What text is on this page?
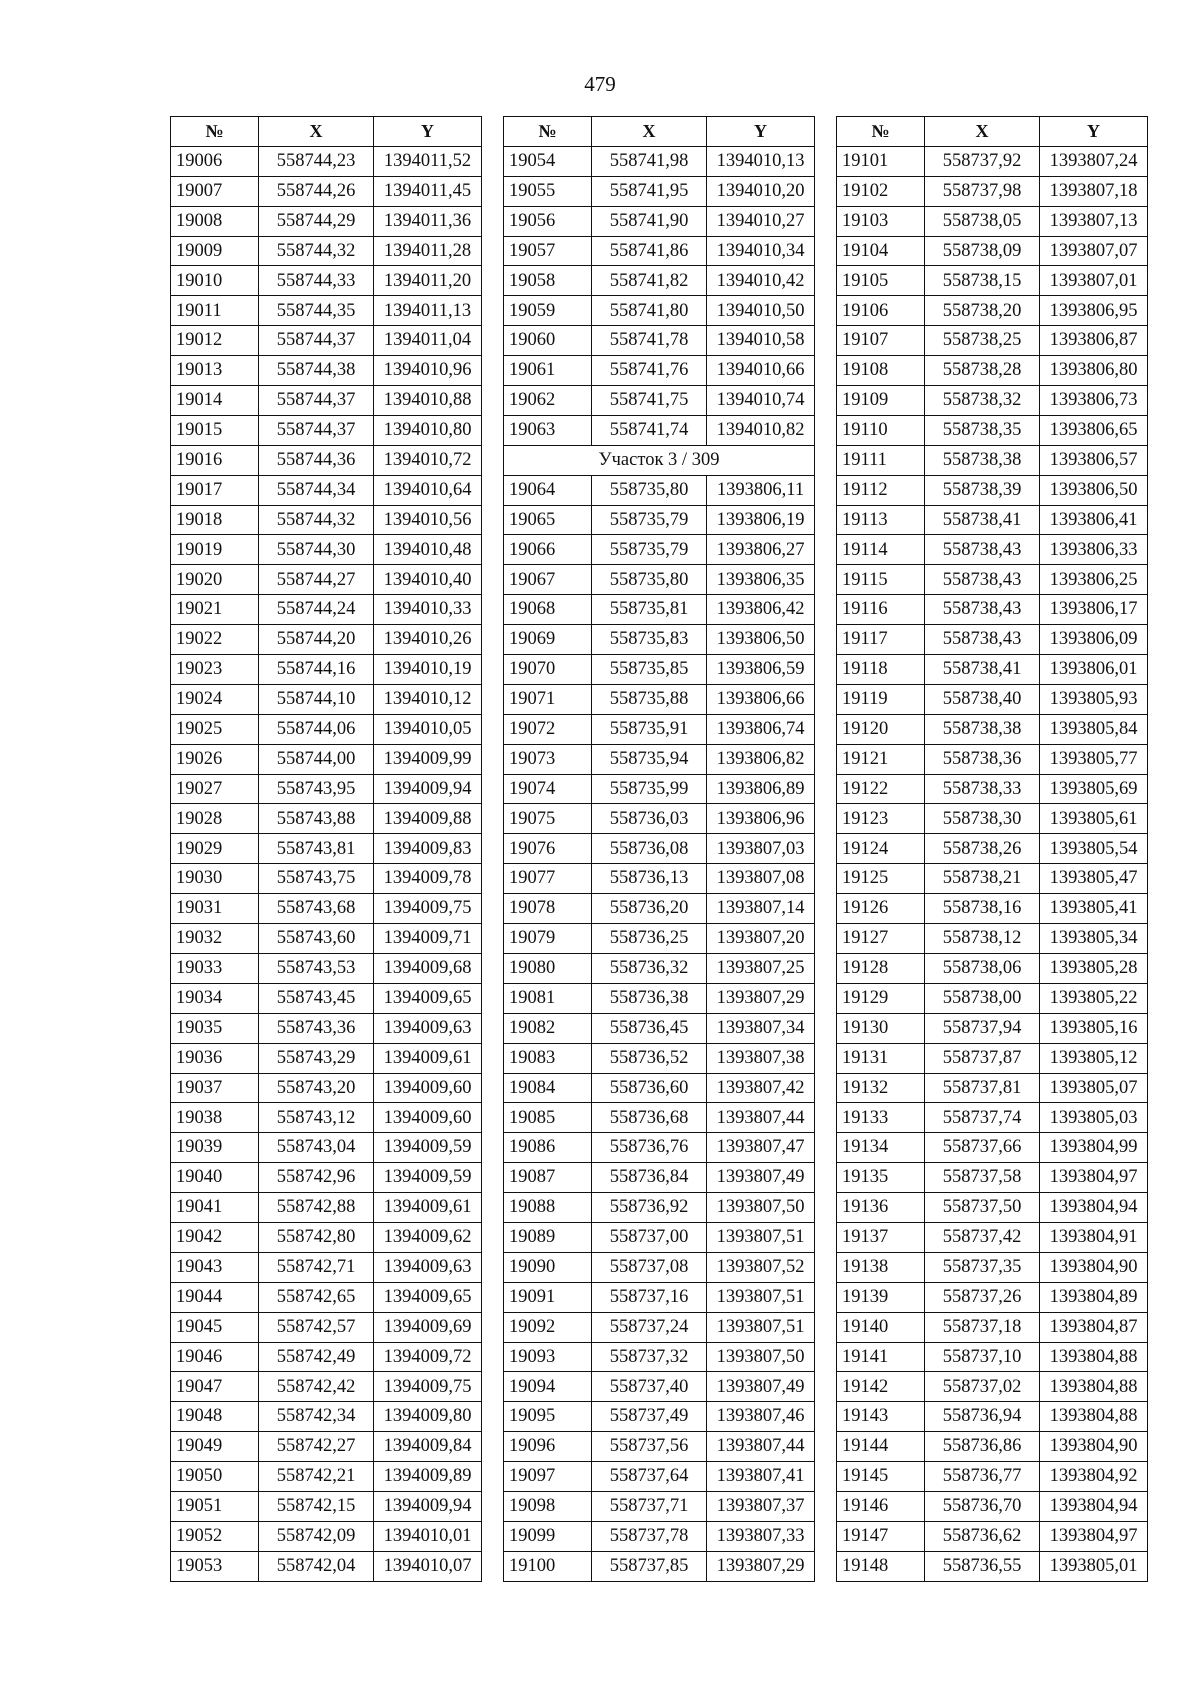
479
№	X	Y
19006	558744,23	1394011,52
19007	558744,26	1394011,45
19008	558744,29	1394011,36
19009	558744,32	1394011,28
19010	558744,33	1394011,20
19011	558744,35	1394011,13
19012	558744,37	1394011,04
19013	558744,38	1394010,96
19014	558744,37	1394010,88
19015	558744,37	1394010,80
19016	558744,36	1394010,72
19017	558744,34	1394010,64
19018	558744,32	1394010,56
19019	558744,30	1394010,48
19020	558744,27	1394010,40
19021	558744,24	1394010,33
19022	558744,20	1394010,26
19023	558744,16	1394010,19
19024	558744,10	1394010,12
19025	558744,06	1394010,05
19026	558744,00	1394009,99
19027	558743,95	1394009,94
19028	558743,88	1394009,88
19029	558743,81	1394009,83
19030	558743,75	1394009,78
19031	558743,68	1394009,75
19032	558743,60	1394009,71
19033	558743,53	1394009,68
19034	558743,45	1394009,65
19035	558743,36	1394009,63
19036	558743,29	1394009,61
19037	558743,20	1394009,60
19038	558743,12	1394009,60
19039	558743,04	1394009,59
19040	558742,96	1394009,59
19041	558742,88	1394009,61
19042	558742,80	1394009,62
19043	558742,71	1394009,63
19044	558742,65	1394009,65
19045	558742,57	1394009,69
19046	558742,49	1394009,72
19047	558742,42	1394009,75
19048	558742,34	1394009,80
19049	558742,27	1394009,84
19050	558742,21	1394009,89
19051	558742,15	1394009,94
19052	558742,09	1394010,01
19053	558742,04	1394010,07
№	X	Y
19054	558741,98	1394010,13
19055	558741,95	1394010,20
19056	558741,90	1394010,27
19057	558741,86	1394010,34
19058	558741,82	1394010,42
19059	558741,80	1394010,50
19060	558741,78	1394010,58
19061	558741,76	1394010,66
19062	558741,75	1394010,74
19063	558741,74	1394010,82
Участок 3 / 309		
19064	558735,80	1393806,11
19065	558735,79	1393806,19
19066	558735,79	1393806,27
19067	558735,80	1393806,35
19068	558735,81	1393806,42
19069	558735,83	1393806,50
19070	558735,85	1393806,59
19071	558735,88	1393806,66
19072	558735,91	1393806,74
19073	558735,94	1393806,82
19074	558735,99	1393806,89
19075	558736,03	1393806,96
19076	558736,08	1393807,03
19077	558736,13	1393807,08
19078	558736,20	1393807,14
19079	558736,25	1393807,20
19080	558736,32	1393807,25
19081	558736,38	1393807,29
19082	558736,45	1393807,34
19083	558736,52	1393807,38
19084	558736,60	1393807,42
19085	558736,68	1393807,44
19086	558736,76	1393807,47
19087	558736,84	1393807,49
19088	558736,92	1393807,50
19089	558737,00	1393807,51
19090	558737,08	1393807,52
19091	558737,16	1393807,51
19092	558737,24	1393807,51
19093	558737,32	1393807,50
19094	558737,40	1393807,49
19095	558737,49	1393807,46
19096	558737,56	1393807,44
19097	558737,64	1393807,41
19098	558737,71	1393807,37
19099	558737,78	1393807,33
19100	558737,85	1393807,29
№	X	Y
19101	558737,92	1393807,24
19102	558737,98	1393807,18
19103	558738,05	1393807,13
19104	558738,09	1393807,07
19105	558738,15	1393807,01
19106	558738,20	1393806,95
19107	558738,25	1393806,87
19108	558738,28	1393806,80
19109	558738,32	1393806,73
19110	558738,35	1393806,65
19111	558738,38	1393806,57
19112	558738,39	1393806,50
19113	558738,41	1393806,41
19114	558738,43	1393806,33
19115	558738,43	1393806,25
19116	558738,43	1393806,17
19117	558738,43	1393806,09
19118	558738,41	1393806,01
19119	558738,40	1393805,93
19120	558738,38	1393805,84
19121	558738,36	1393805,77
19122	558738,33	1393805,69
19123	558738,30	1393805,61
19124	558738,26	1393805,54
19125	558738,21	1393805,47
19126	558738,16	1393805,41
19127	558738,12	1393805,34
19128	558738,06	1393805,28
19129	558738,00	1393805,22
19130	558737,94	1393805,16
19131	558737,87	1393805,12
19132	558737,81	1393805,07
19133	558737,74	1393805,03
19134	558737,66	1393804,99
19135	558737,58	1393804,97
19136	558737,50	1393804,94
19137	558737,42	1393804,91
19138	558737,35	1393804,90
19139	558737,26	1393804,89
19140	558737,18	1393804,87
19141	558737,10	1393804,88
19142	558737,02	1393804,88
19143	558736,94	1393804,88
19144	558736,86	1393804,90
19145	558736,77	1393804,92
19146	558736,70	1393804,94
19147	558736,62	1393804,97
19148	558736,55	1393805,01
